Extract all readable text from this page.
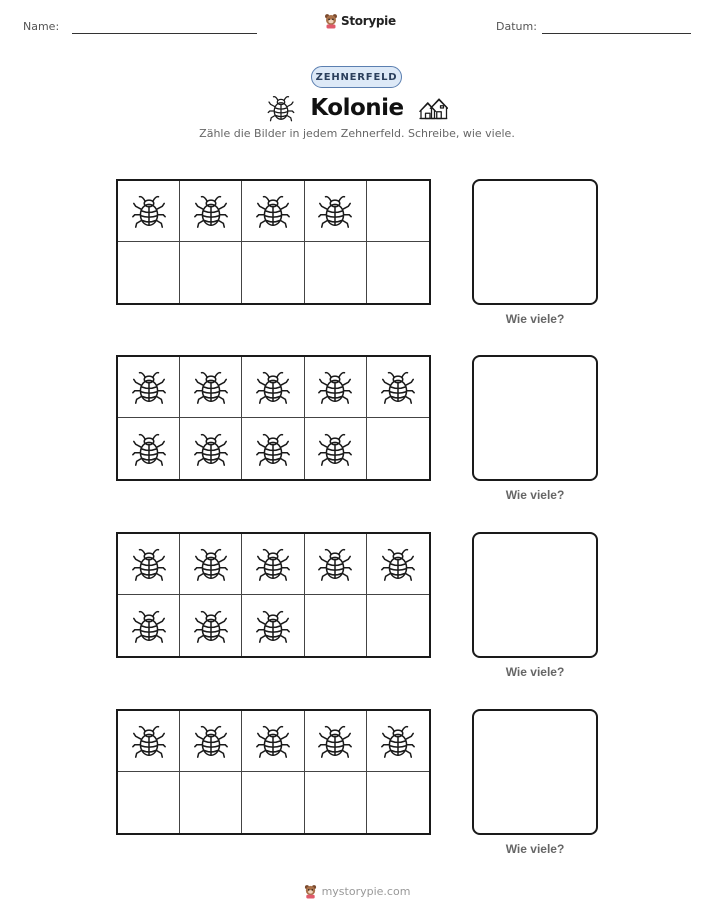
Name:	Storypie	Datum:
ZEHNERFELD
Kolonie
Zähle die Bilder in jedem Zehnerfeld. Schreibe, wie viele.
Wie viele?
Wie viele?
Wie viele?
Wie viele?
mystorypie.com
